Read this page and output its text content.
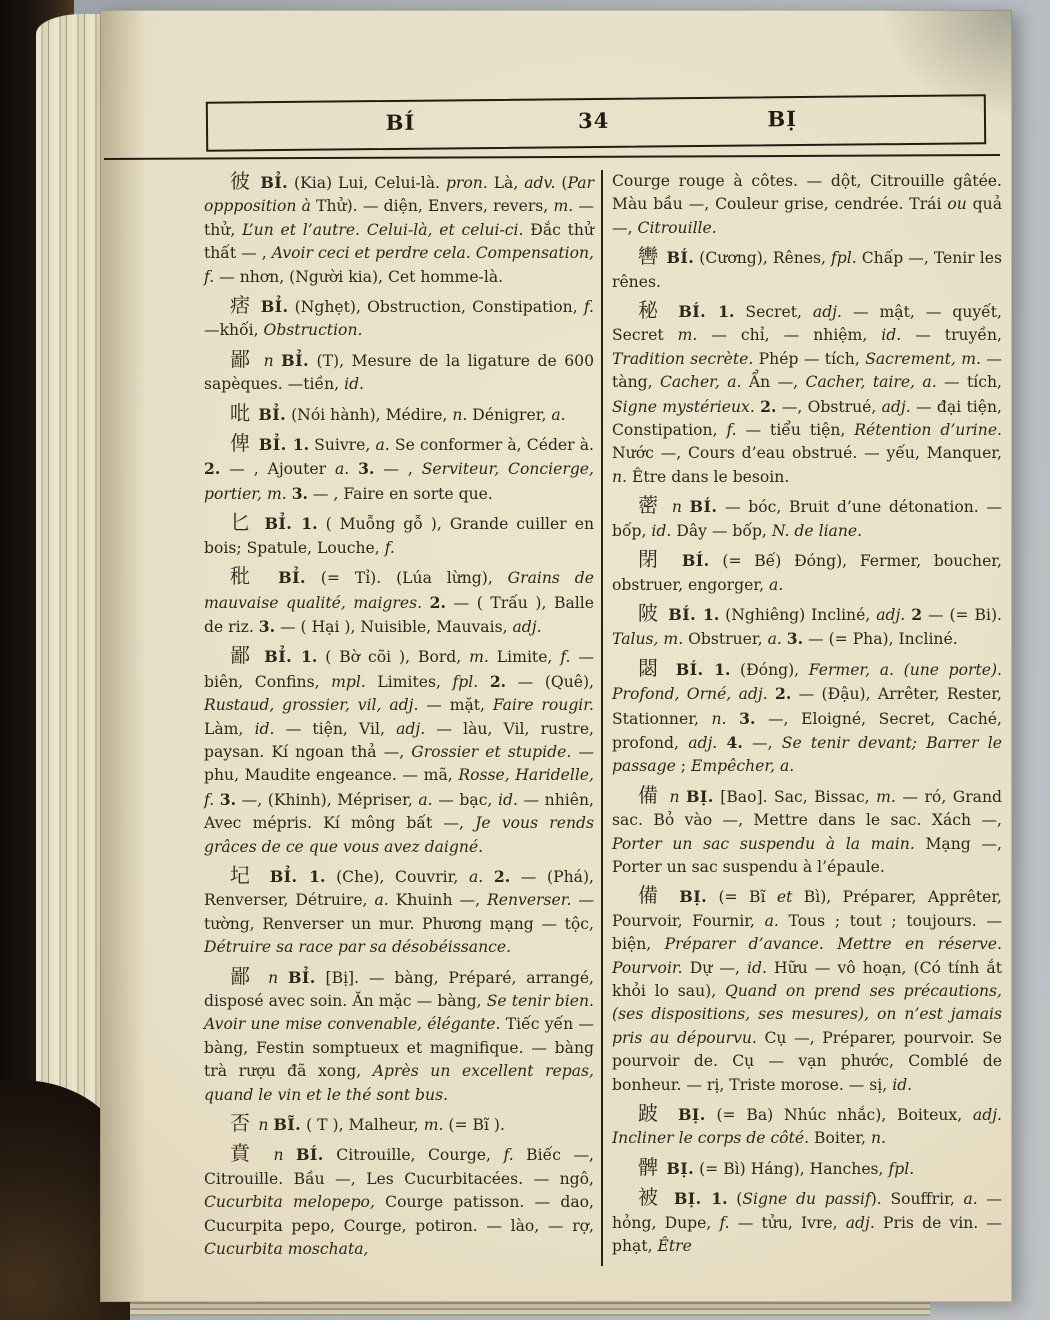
BÍ	34	BỊ

彼 BỈ. (Kia) Lui, Celui-là. pron. Là, adv. (Par oppposition à Thử). — diện, Envers, revers, m. — thử, L’un et l’autre. Celui-là, et celui-ci. Đắc thử thất — , Avoir ceci et perdre cela. Compensation, f. — nhơn, (Người kia), Cet homme-là.

痞 BỈ. (Nghẹt), Obstruction, Constipation, f. —khối, Obstruction.

鄙 n BỈ. (T), Mesure de la ligature de 600 sapèques. —tiền, id.

吡 BỈ. (Nói hành), Médire, n. Dénigrer, a.

俾 BỈ. 1. Suivre, a. Se conformer à, Céder à. 2. — , Ajouter a. 3. — , Serviteur, Concierge, portier, m. 3. — , Faire en sorte que.

匕 BỈ. 1. ( Muỗng gỗ ), Grande cuiller en bois; Spatule, Louche, f.

秕 BỈ. (= Tỉ). (Lúa lừng), Grains de mauvaise qualité, maigres. 2. — ( Trấu ), Balle de riz. 3. — ( Hại ), Nuisible, Mauvais, adj.

鄙 BỈ. 1. ( Bờ cõi ), Bord, m. Limite, f. — biên, Confins, mpl. Limites, fpl. 2. — (Quê), Rustaud, grossier, vil, adj. — mặt, Faire rougir. Làm, id. — tiện, Vil, adj. — làu, Vil, rustre, paysan. Kí ngoan thả —, Grossier et stupide. — phu, Maudite engeance. — mã, Rosse, Haridelle, f. 3. —, (Khinh), Mépriser, a. — bạc, id. — nhiên, Avec mépris. Kí mông bất —, Je vous rends grâces de ce que vous avez daigné.

圮 BỈ. 1. (Che), Couvrir, a. 2. — (Phá), Renverser, Détruire, a. Khuinh —, Renverser. — tường, Renverser un mur. Phương mạng — tộc, Détruire sa race par sa désobéissance.

鄙 n BỈ. [Bị]. — bàng, Préparé, arrangé, disposé avec soin. Ăn mặc — bàng, Se tenir bien. Avoir une mise convenable, élégante. Tiếc yến — bàng, Festin somptueux et magnifique. — bàng trà rượu đã xong, Après un excellent repas, quand le vin et le thé sont bus.

否 n BĨ. ( T ), Malheur, m. (= Bĩ ).

賁 n BÍ. Citrouille, Courge, f. Biếc —, Citrouille. Bầu —, Les Cucurbitacées. — ngô, Cucurbita melopepo, Courge patisson. — dao, Cucurpita pepo, Courge, potiron. — lào, — rợ, Cucurbita moschata,

Courge rouge à côtes. — dột, Citrouille gâtée. Màu bầu —, Couleur grise, cendrée. Trái ou quả —, Citrouille.

轡 BÍ. (Cương), Rênes, fpl. Chấp —, Tenir les rênes.

秘 BÍ. 1. Secret, adj. — mật, — quyết, Secret m. — chỉ, — nhiệm, id. — truyền, Tradition secrète. Phép — tích, Sacrement, m. — tàng, Cacher, a. Ẩn —, Cacher, taire, a. — tích, Signe mystérieux. 2. —, Obstrué, adj. — đại tiện, Constipation, f. — tiểu tiện, Rétention d’urine. Nước —, Cours d’eau obstrué. — yếu, Manquer, n. Être dans le besoin.

蔤 n BÍ. — bóc, Bruit d’une détonation. — bốp, id. Dây — bốp, N. de liane.

閉 BÍ. (= Bế) Đóng), Fermer, boucher, obstruer, engorger, a.

陂 BÍ. 1. (Nghiêng) Incliné, adj. 2 — (= Bi). Talus, m. Obstruer, a. 3. — (= Pha), Incliné.

閟 BÍ. 1. (Đóng), Fermer, a. (une porte). Profond, Orné, adj. 2. — (Đậu), Arrêter, Rester, Stationner, n. 3. —, Eloigné, Secret, Caché, profond, adj. 4. —, Se tenir devant; Barrer le passage ; Empêcher, a.

備 n BỊ. [Bao]. Sac, Bissac, m. — ró, Grand sac. Bỏ vào —, Mettre dans le sac. Xách —, Porter un sac suspendu à la main. Mạng —, Porter un sac suspendu à l’épaule.

備 BỊ. (= Bĩ et Bì), Préparer, Apprêter, Pourvoir, Fournir, a. Tous ; tout ; toujours. — biện, Préparer d’avance. Mettre en réserve. Pourvoir. Dự —, id. Hữu — vô hoạn, (Có tính ắt khỏi lo sau), Quand on prend ses précautions, (ses dispositions, ses mesures), on n’est jamais pris au dépourvu. Cụ —, Préparer, pourvoir. Se pourvoir de. Cụ — vạn phước, Comblé de bonheur. — rị, Triste morose. — sị, id.

跛 BỊ. (= Ba) Nhúc nhắc), Boiteux, adj. Incliner le corps de côté. Boiter, n.

髀 BỊ. (= Bì) Háng), Hanches, fpl.

被 BỊ. 1. (Signe du passif). Souffrir, a. — hỏng, Dupe, f. — tửu, Ivre, adj. Pris de vin. — phạt, Être
